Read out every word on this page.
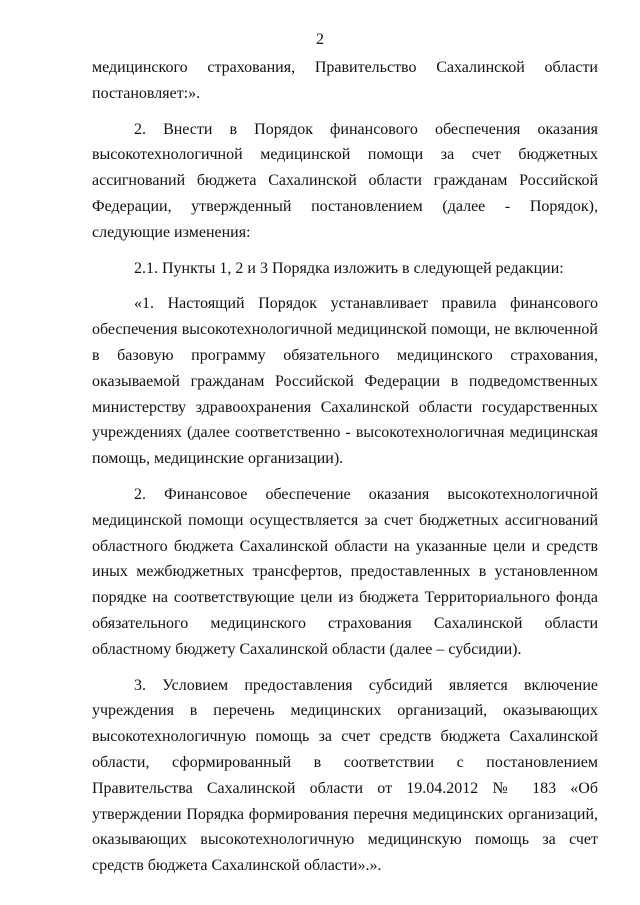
2

медицинского страхования, Правительство Сахалинской области постановляет:».

2. Внести в Порядок финансового обеспечения оказания высокотехнологичной медицинской помощи за счет бюджетных ассигнований бюджета Сахалинской области гражданам Российской Федерации, утвержденный постановлением (далее - Порядок), следующие изменения:

2.1. Пункты 1, 2 и 3 Порядка изложить в следующей редакции:

«1. Настоящий Порядок устанавливает правила финансового обеспечения высокотехнологичной медицинской помощи, не включенной в базовую программу обязательного медицинского страхования, оказываемой гражданам Российской Федерации в подведомственных министерству здравоохранения Сахалинской области государственных учреждениях (далее соответственно - высокотехнологичная медицинская помощь, медицинские организации).

2. Финансовое обеспечение оказания высокотехнологичной медицинской помощи осуществляется за счет бюджетных ассигнований областного бюджета Сахалинской области на указанные цели и средств иных межбюджетных трансфертов, предоставленных в установленном порядке на соответствующие цели из бюджета Территориального фонда обязательного медицинского страхования Сахалинской области областному бюджету Сахалинской области (далее – субсидии).

3. Условием предоставления субсидий является включение учреждения в перечень медицинских организаций, оказывающих высокотехнологичную помощь за счет средств бюджета Сахалинской области, сформированный в соответствии с постановлением Правительства Сахалинской области от 19.04.2012 № 183 «Об утверждении Порядка формирования перечня медицинских организаций, оказывающих высокотехнологичную медицинскую помощь за счет средств бюджета Сахалинской области».».
